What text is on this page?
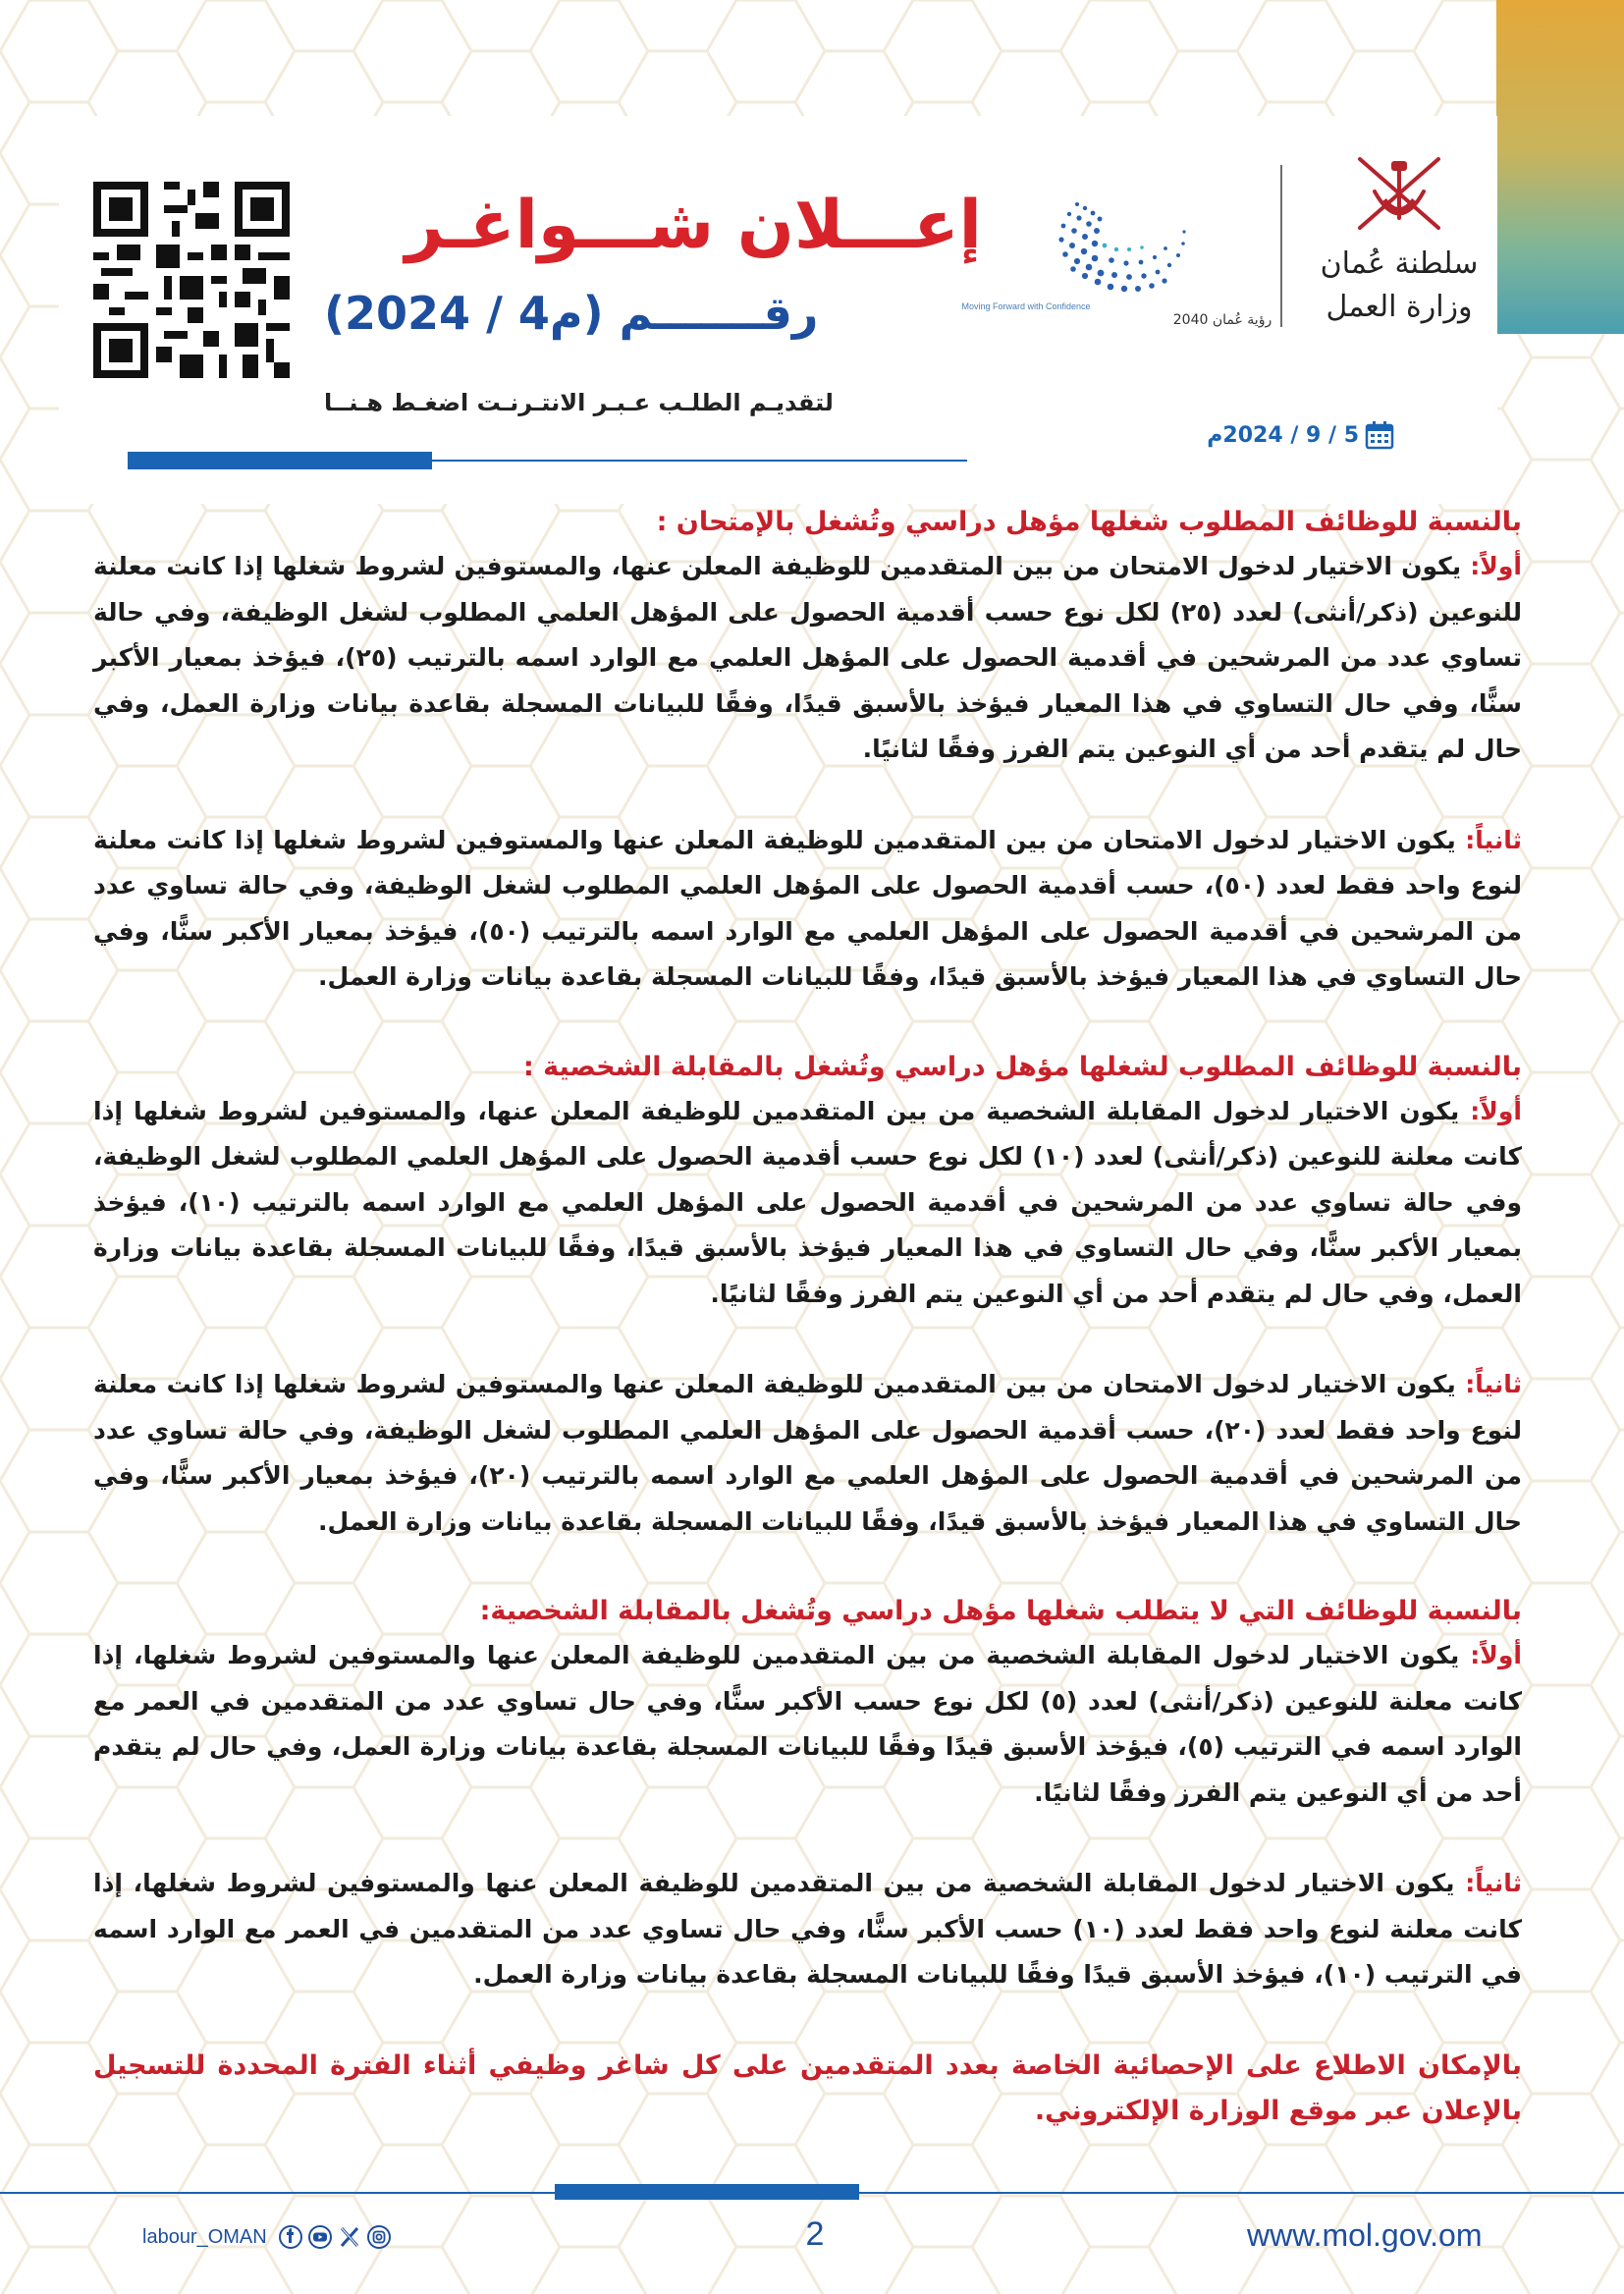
إعـــلان شـــواغـر
رقـــــــم (م4 / 2024)
لتقديـم الطلـب عـبـر الانتـرنـت اضغـط هـنــا
رؤية عُمان 2040
Moving Forward with Confidence
سلطنة عُمان
وزارة العمل
5 / 9 / 2024م

بالنسبة للوظائف المطلوب شغلها مؤهل دراسي وتُشغل بالإمتحان :

أولاً: يكون الاختيار لدخول الامتحان من بين المتقدمين للوظيفة المعلن عنها، والمستوفين لشروط شغلها إذا كانت معلنة للنوعين (ذكر/أنثى) لعدد (٢٥) لكل نوع حسب أقدمية الحصول على المؤهل العلمي المطلوب لشغل الوظيفة، وفي حالة تساوي عدد من المرشحين في أقدمية الحصول على المؤهل العلمي مع الوارد اسمه بالترتيب (٢٥)، فيؤخذ بمعيار الأكبر سنًّا، وفي حال التساوي في هذا المعيار فيؤخذ بالأسبق قيدًا، وفقًا للبيانات المسجلة بقاعدة بيانات وزارة العمل، وفي حال لم يتقدم أحد من أي النوعين يتم الفرز وفقًا لثانيًا.

ثانياً: يكون الاختيار لدخول الامتحان من بين المتقدمين للوظيفة المعلن عنها والمستوفين لشروط شغلها إذا كانت معلنة لنوع واحد فقط لعدد (٥٠)، حسب أقدمية الحصول على المؤهل العلمي المطلوب لشغل الوظيفة، وفي حالة تساوي عدد من المرشحين في أقدمية الحصول على المؤهل العلمي مع الوارد اسمه بالترتيب (٥٠)، فيؤخذ بمعيار الأكبر سنًّا، وفي حال التساوي في هذا المعيار فيؤخذ بالأسبق قيدًا، وفقًا للبيانات المسجلة بقاعدة بيانات وزارة العمل.

بالنسبة للوظائف المطلوب لشغلها مؤهل دراسي وتُشغل بالمقابلة الشخصية :

أولاً: يكون الاختيار لدخول المقابلة الشخصية من بين المتقدمين للوظيفة المعلن عنها، والمستوفين لشروط شغلها إذا كانت معلنة للنوعين (ذكر/أنثى) لعدد (١٠) لكل نوع حسب أقدمية الحصول على المؤهل العلمي المطلوب لشغل الوظيفة، وفي حالة تساوي عدد من المرشحين في أقدمية الحصول على المؤهل العلمي مع الوارد اسمه بالترتيب (١٠)، فيؤخذ بمعيار الأكبر سنًّا، وفي حال التساوي في هذا المعيار فيؤخذ بالأسبق قيدًا، وفقًا للبيانات المسجلة بقاعدة بيانات وزارة العمل، وفي حال لم يتقدم أحد من أي النوعين يتم الفرز وفقًا لثانيًا.

ثانياً: يكون الاختيار لدخول الامتحان من بين المتقدمين للوظيفة المعلن عنها والمستوفين لشروط شغلها إذا كانت معلنة لنوع واحد فقط لعدد (٢٠)، حسب أقدمية الحصول على المؤهل العلمي المطلوب لشغل الوظيفة، وفي حالة تساوي عدد من المرشحين في أقدمية الحصول على المؤهل العلمي مع الوارد اسمه بالترتيب (٢٠)، فيؤخذ بمعيار الأكبر سنًّا، وفي حال التساوي في هذا المعيار فيؤخذ بالأسبق قيدًا، وفقًا للبيانات المسجلة بقاعدة بيانات وزارة العمل.

بالنسبة للوظائف التي لا يتطلب شغلها مؤهل دراسي وتُشغل بالمقابلة الشخصية:

أولاً: يكون الاختيار لدخول المقابلة الشخصية من بين المتقدمين للوظيفة المعلن عنها والمستوفين لشروط شغلها، إذا كانت معلنة للنوعين (ذكر/أنثى) لعدد (٥) لكل نوع حسب الأكبر سنًّا، وفي حال تساوي عدد من المتقدمين في العمر مع الوارد اسمه في الترتيب (٥)، فيؤخذ الأسبق قيدًا وفقًا للبيانات المسجلة بقاعدة بيانات وزارة العمل، وفي حال لم يتقدم أحد من أي النوعين يتم الفرز وفقًا لثانيًا.

ثانياً: يكون الاختيار لدخول المقابلة الشخصية من بين المتقدمين للوظيفة المعلن عنها والمستوفين لشروط شغلها، إذا كانت معلنة لنوع واحد فقط لعدد (١٠) حسب الأكبر سنًّا، وفي حال تساوي عدد من المتقدمين في العمر مع الوارد اسمه في الترتيب (١٠)، فيؤخذ الأسبق قيدًا وفقًا للبيانات المسجلة بقاعدة بيانات وزارة العمل.

بالإمكان الاطلاع على الإحصائية الخاصة بعدد المتقدمين على كل شاغر وظيفي أثناء الفترة المحددة للتسجيل بالإعلان عبر موقع الوزارة الإلكتروني.

labour_OMAN	2	www.mol.gov.om
